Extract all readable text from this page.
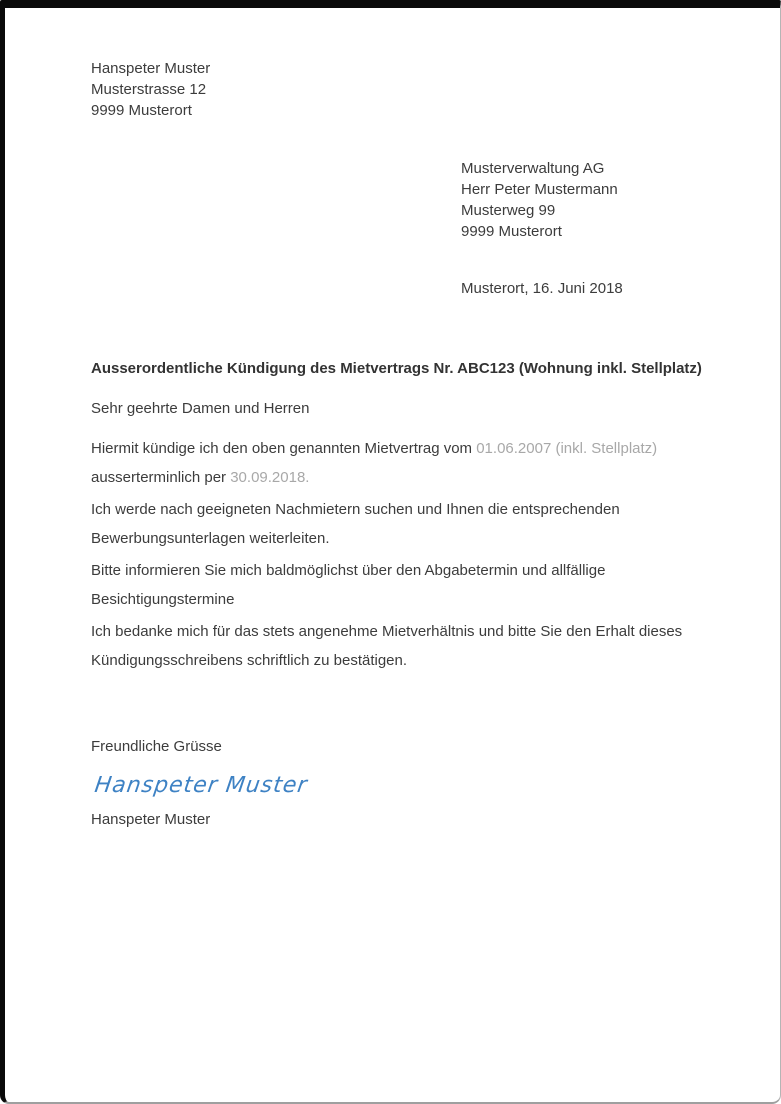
Hanspeter Muster
Musterstrasse 12
9999 Musterort
Musterverwaltung AG
Herr Peter Mustermann
Musterweg 99
9999 Musterort
Musterort, 16. Juni 2018
Ausserordentliche Kündigung des Mietvertrags Nr. ABC123 (Wohnung inkl. Stellplatz)
Sehr geehrte Damen und Herren

Hiermit kündige ich den oben genannten Mietvertrag vom 01.06.2007 (inkl. Stellplatz)
ausserterminlich per 30.09.2018.

Ich werde nach geeigneten Nachmietern suchen und Ihnen die entsprechenden
Bewerbungsunterlagen weiterleiten.

Bitte informieren Sie mich baldmöglichst über den Abgabetermin und allfällige
Besichtigungstermine

Ich bedanke mich für das stets angenehme Mietverhältnis und bitte Sie den Erhalt dieses
Kündigungsschreibens schriftlich zu bestätigen.

Freundliche Grüsse
Hanspeter Muster
Hanspeter Muster
